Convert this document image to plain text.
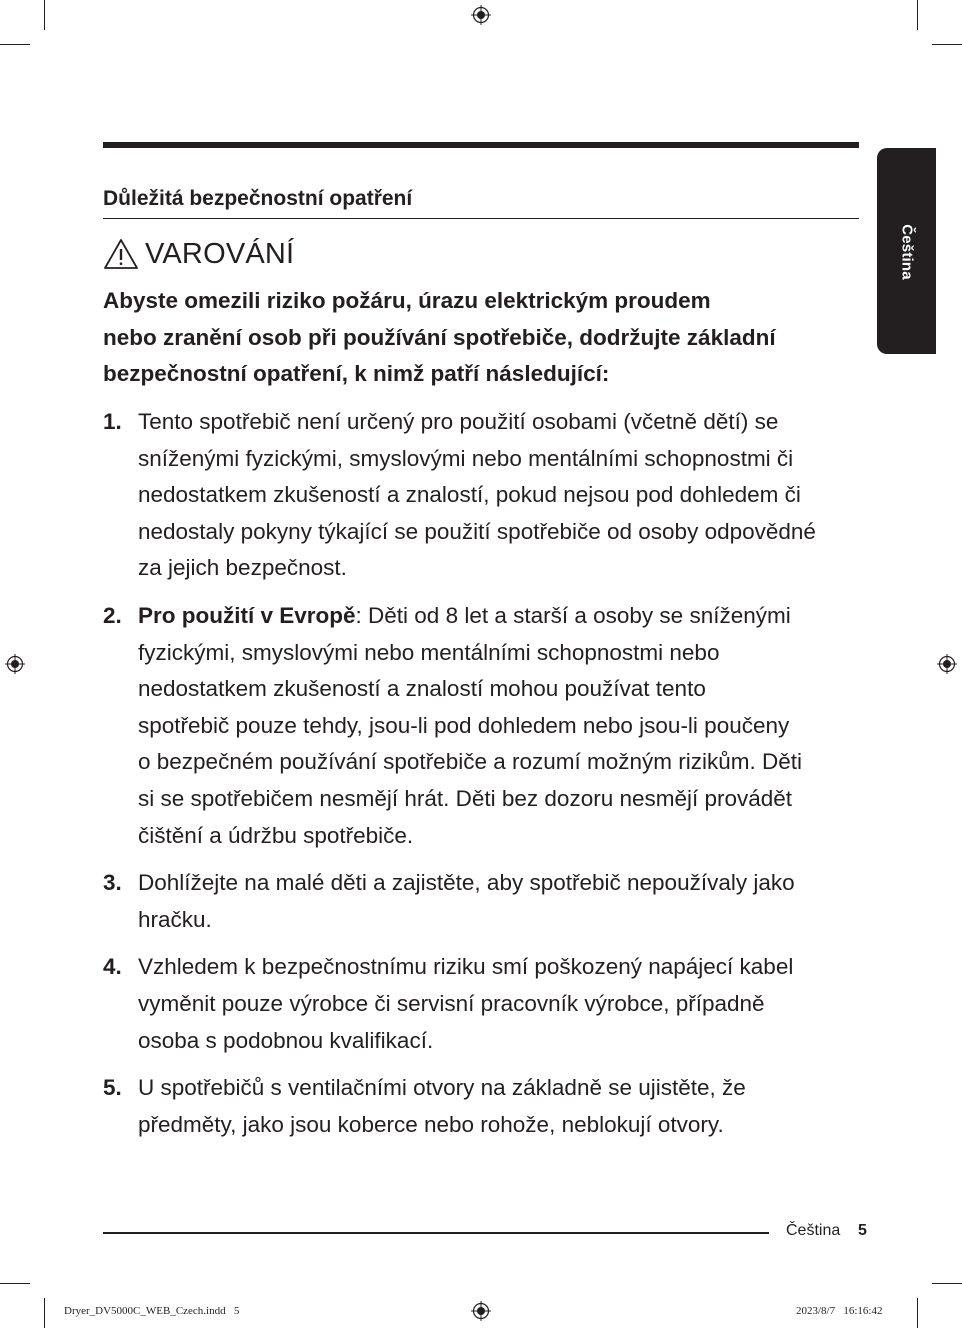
Čeština
Důležitá bezpečnostní opatření
VAROVÁNÍ
Abyste omezili riziko požáru, úrazu elektrickým proudem
nebo zranění osob při používání spotřebiče, dodržujte základní
bezpečnostní opatření, k nimž patří následující:
1. Tento spotřebič není určený pro použití osobami (včetně dětí) se
sníženými fyzickými, smyslovými nebo mentálními schopnostmi či
nedostatkem zkušeností a znalostí, pokud nejsou pod dohledem či
nedostaly pokyny týkající se použití spotřebiče od osoby odpovědné
za jejich bezpečnost.
2. Pro použití v Evropě: Děti od 8 let a starší a osoby se sníženými
fyzickými, smyslovými nebo mentálními schopnostmi nebo
nedostatkem zkušeností a znalostí mohou používat tento
spotřebič pouze tehdy, jsou-li pod dohledem nebo jsou-li poučeny
o bezpečném používání spotřebiče a rozumí možným rizikům. Děti
si se spotřebičem nesmějí hrát. Děti bez dozoru nesmějí provádět
čištění a údržbu spotřebiče.
3. Dohlížejte na malé děti a zajistěte, aby spotřebič nepoužívaly jako
hračku.
4. Vzhledem k bezpečnostnímu riziku smí poškozený napájecí kabel
vyměnit pouze výrobce či servisní pracovník výrobce, případně
osoba s podobnou kvalifikací.
5. U spotřebičů s ventilačními otvory na základně se ujistěte, že
předměty, jako jsou koberce nebo rohože, neblokují otvory.
Čeština 5
Dryer_DV5000C_WEB_Czech.indd   5	2023/8/7   16:16:42
